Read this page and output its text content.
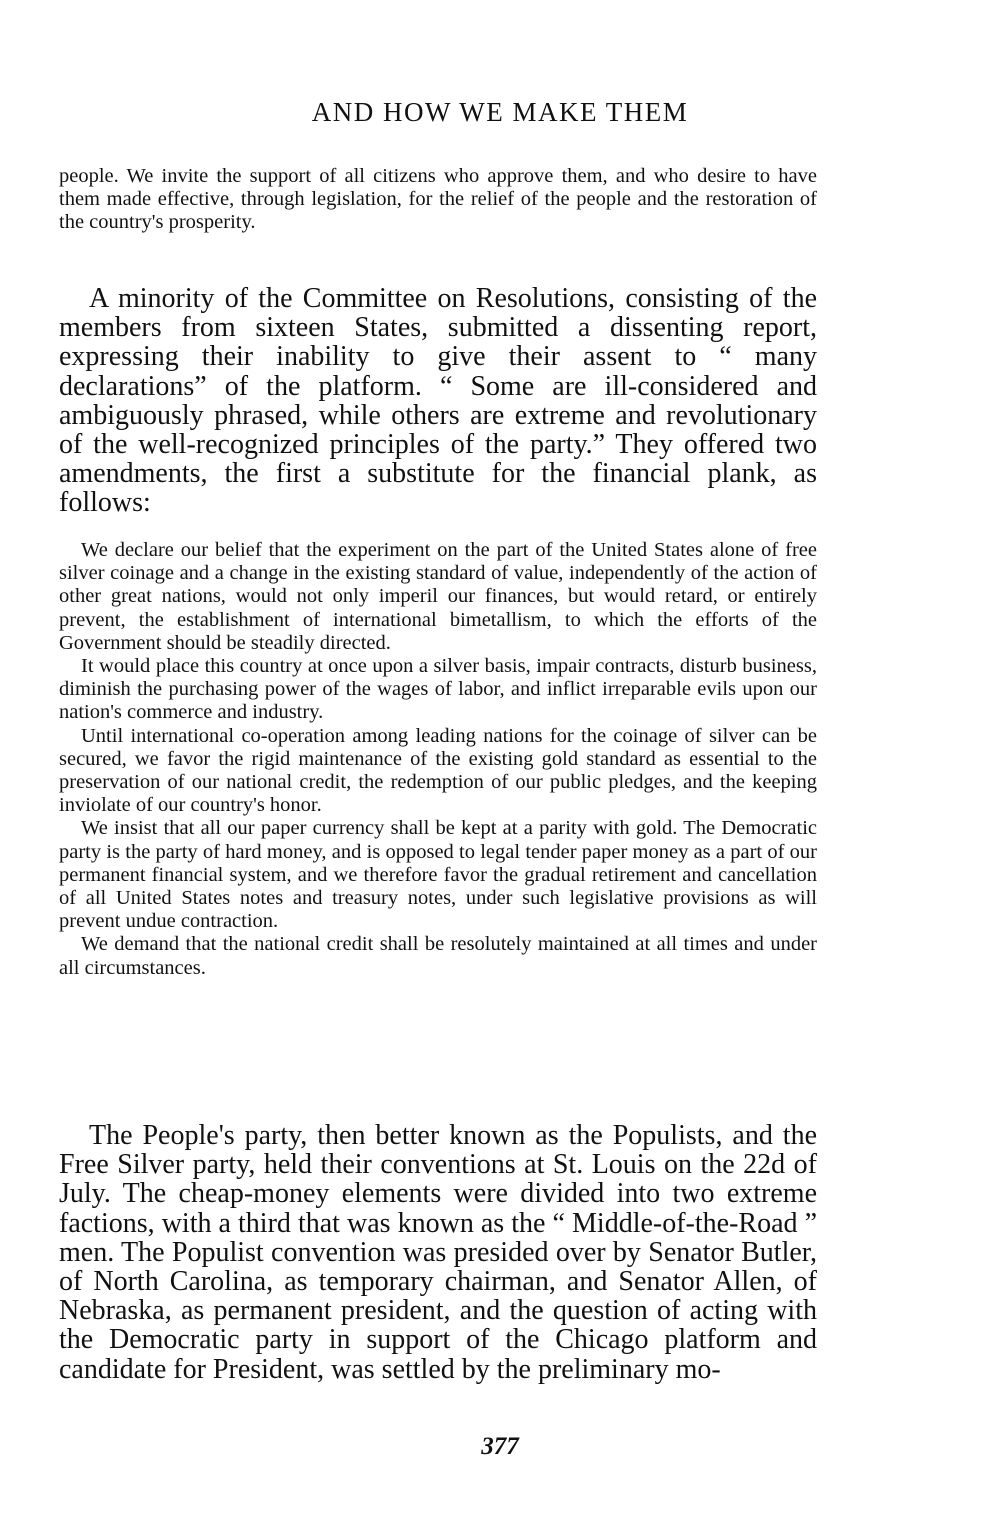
AND HOW WE MAKE THEM

people. We invite the support of all citizens who approve them, and who desire to have them made effective, through legislation, for the relief of the people and the restoration of the country's prosperity.

A minority of the Committee on Resolutions, consisting of the members from sixteen States, submitted a dissenting report, expressing their inability to give their assent to “ many declarations” of the platform. “ Some are ill-considered and ambiguously phrased, while others are extreme and revolutionary of the well-recognized principles of the party.” They offered two amendments, the first a substitute for the financial plank, as follows:

We declare our belief that the experiment on the part of the United States alone of free silver coinage and a change in the existing standard of value, independently of the action of other great nations, would not only imperil our finances, but would retard, or entirely prevent, the establishment of international bimetallism, to which the efforts of the Government should be steadily directed.

It would place this country at once upon a silver basis, impair contracts, disturb business, diminish the purchasing power of the wages of labor, and inflict irreparable evils upon our nation's commerce and industry.

Until international co-operation among leading nations for the coinage of silver can be secured, we favor the rigid maintenance of the existing gold standard as essential to the preservation of our national credit, the redemption of our public pledges, and the keeping inviolate of our country's honor.

We insist that all our paper currency shall be kept at a parity with gold. The Democratic party is the party of hard money, and is opposed to legal tender paper money as a part of our permanent financial system, and we therefore favor the gradual retirement and cancellation of all United States notes and treasury notes, under such legislative provisions as will prevent undue contraction.

We demand that the national credit shall be resolutely maintained at all times and under all circumstances.

The People's party, then better known as the Populists, and the Free Silver party, held their conventions at St. Louis on the 22d of July. The cheap-money elements were divided into two extreme factions, with a third that was known as the “ Middle-of-the-Road ” men. The Populist convention was presided over by Senator Butler, of North Carolina, as temporary chairman, and Senator Allen, of Nebraska, as permanent president, and the question of acting with the Democratic party in support of the Chicago platform and candidate for President, was settled by the preliminary mo-

377
